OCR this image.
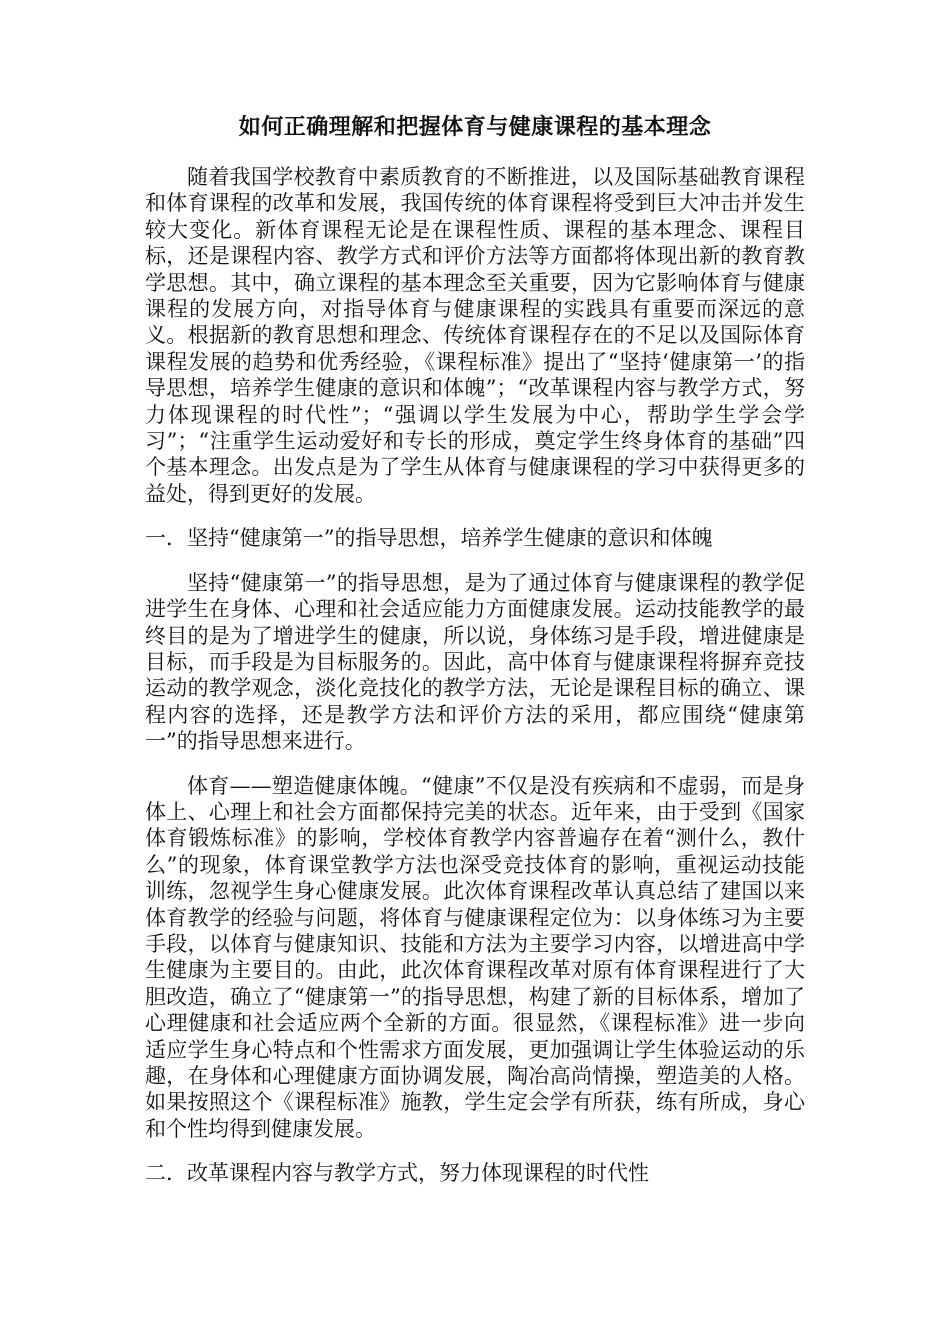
如何正确理解和把握体育与健康课程的基本理念

随着我国学校教育中素质教育的不断推进，以及国际基础教育课程和体育课程的改革和发展，我国传统的体育课程将受到巨大冲击并发生较大变化。新体育课程无论是在课程性质、课程的基本理念、课程目标，还是课程内容、教学方式和评价方法等方面都将体现出新的教育教学思想。其中，确立课程的基本理念至关重要，因为它影响体育与健康课程的发展方向，对指导体育与健康课程的实践具有重要而深远的意义。根据新的教育思想和理念、传统体育课程存在的不足以及国际体育课程发展的趋势和优秀经验，《课程标准》提出了“坚持‘健康第一’的指导思想，培养学生健康的意识和体魄”；“改革课程内容与教学方式，努力体现课程的时代性”；“强调以学生发展为中心，帮助学生学会学习”；“注重学生运动爱好和专长的形成，奠定学生终身体育的基础”四个基本理念。出发点是为了学生从体育与健康课程的学习中获得更多的益处，得到更好的发展。

一．坚持“健康第一”的指导思想，培养学生健康的意识和体魄

坚持“健康第一”的指导思想，是为了通过体育与健康课程的教学促进学生在身体、心理和社会适应能力方面健康发展。运动技能教学的最终目的是为了增进学生的健康，所以说，身体练习是手段，增进健康是目标，而手段是为目标服务的。因此，高中体育与健康课程将摒弃竞技运动的教学观念，淡化竞技化的教学方法，无论是课程目标的确立、课程内容的选择，还是教学方法和评价方法的采用，都应围绕“健康第一”的指导思想来进行。

体育——塑造健康体魄。“健康”不仅是没有疾病和不虚弱，而是身体上、心理上和社会方面都保持完美的状态。近年来，由于受到《国家体育锻炼标准》的影响，学校体育教学内容普遍存在着“测什么，教什么”的现象，体育课堂教学方法也深受竞技体育的影响，重视运动技能训练，忽视学生身心健康发展。此次体育课程改革认真总结了建国以来体育教学的经验与问题，将体育与健康课程定位为：以身体练习为主要手段，以体育与健康知识、技能和方法为主要学习内容，以增进高中学生健康为主要目的。由此，此次体育课程改革对原有体育课程进行了大胆改造，确立了“健康第一”的指导思想，构建了新的目标体系，增加了心理健康和社会适应两个全新的方面。很显然，《课程标准》进一步向适应学生身心特点和个性需求方面发展，更加强调让学生体验运动的乐趣，在身体和心理健康方面协调发展，陶冶高尚情操，塑造美的人格。如果按照这个《课程标准》施教，学生定会学有所获，练有所成，身心和个性均得到健康发展。

二．改革课程内容与教学方式，努力体现课程的时代性
